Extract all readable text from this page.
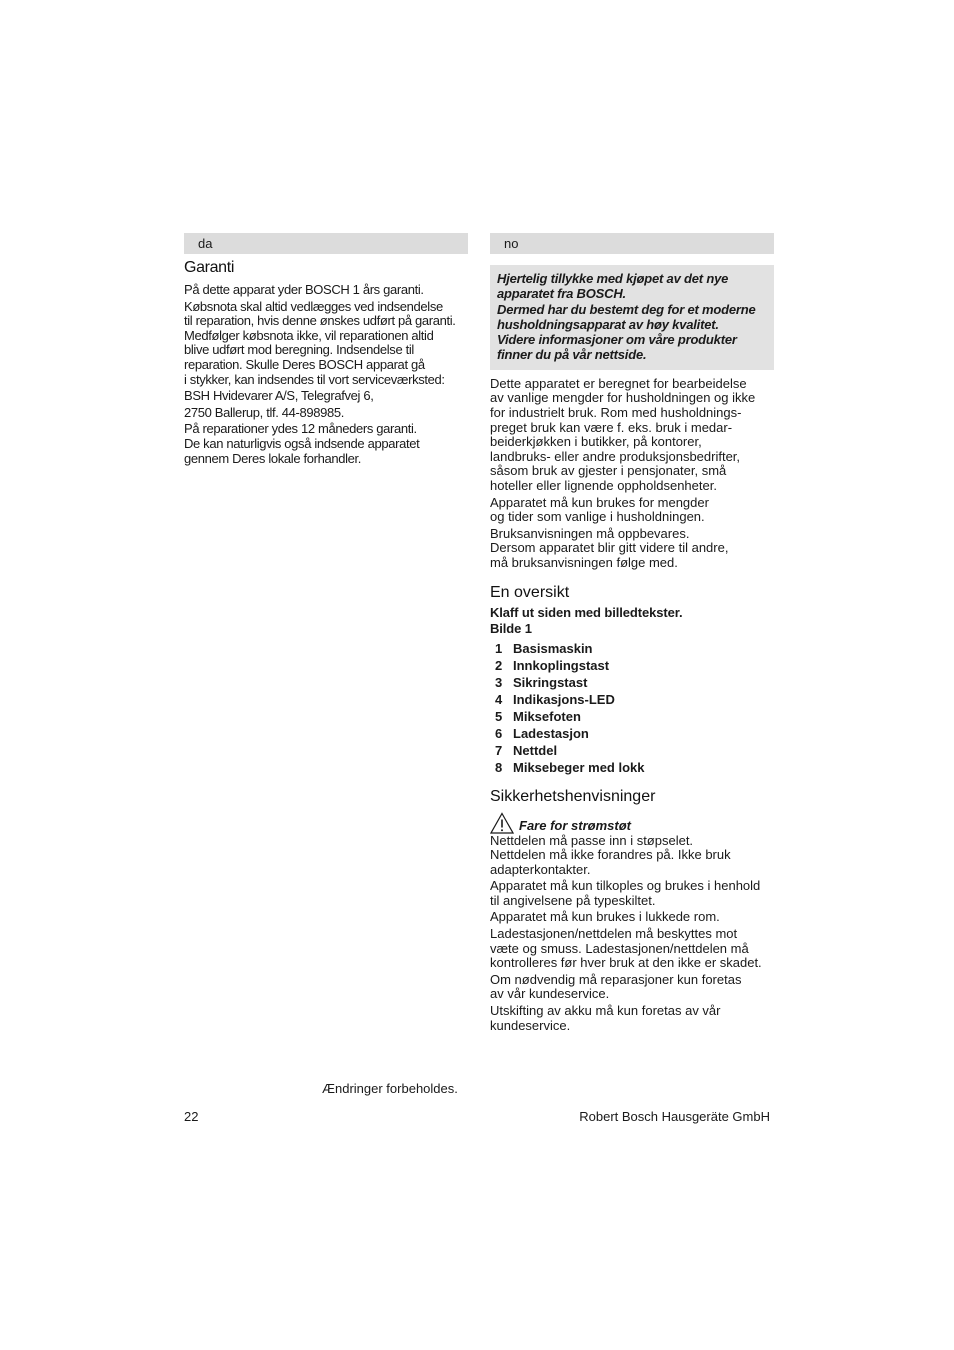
da	no
Garanti
På dette apparat yder BOSCH 1 års garanti.
Købsnota skal altid vedlægges ved indsendelse
til reparation, hvis denne ønskes udført på garanti.
Medfølger købsnota ikke, vil reparationen altid
blive udført mod beregning. Indsendelse til
reparation. Skulle Deres BOSCH apparat gå
i stykker, kan indsendes til vort serviceværksted:
BSH Hvidevarer A/S, Telegrafvej 6,
2750 Ballerup, tlf. 44-898985.
På reparationer ydes 12 måneders garanti.
De kan naturligvis også indsende apparatet
gennem Deres lokale forhandler.
Hjertelig tillykke med kjøpet av det nye
apparatet fra BOSCH.
Dermed har du bestemt deg for et moderne
husholdningsapparat av høy kvalitet.
Videre informasjoner om våre produkter
finner du på vår nettside.
Dette apparatet er beregnet for bearbeidelse
av vanlige mengder for husholdningen og ikke
for industrielt bruk. Rom med husholdnings-
preget bruk kan være f. eks. bruk i medar-
beiderkjøkken i butikker, på kontorer,
landbruks- eller andre produksjonsbedrifter,
såsom bruk av gjester i pensjonater, små
hoteller eller lignende oppholdsenheter.
Apparatet må kun brukes for mengder
og tider som vanlige i husholdningen.
Bruksanvisningen må oppbevares.
Dersom apparatet blir gitt videre til andre,
må bruksanvisningen følge med.
En oversikt
Klaff ut siden med billedtekster.
Bilde 1
1 Basismaskin
2 Innkoplingstast
3 Sikringstast
4 Indikasjons-LED
5 Miksefoten
6 Ladestasjon
7 Nettdel
8 Miksebeger med lokk
Sikkerhetshenvisninger
Fare for strømstøt
Nettdelen må passe inn i støpselet.
Nettdelen må ikke forandres på. Ikke bruk
adapterkontakter.
Apparatet må kun tilkoples og brukes i henhold
til angivelsene på typeskiltet.
Apparatet må kun brukes i lukkede rom.
Ladestasjonen/nettdelen må beskyttes mot
væte og smuss. Ladestasjonen/nettdelen må
kontrolleres før hver bruk at den ikke er skadet.
Om nødvendig må reparasjoner kun foretas
av vår kundeservice.
Utskifting av akku må kun foretas av vår
kundeservice.
Ændringer forbeholdes.
22	Robert Bosch Hausgeräte GmbH
